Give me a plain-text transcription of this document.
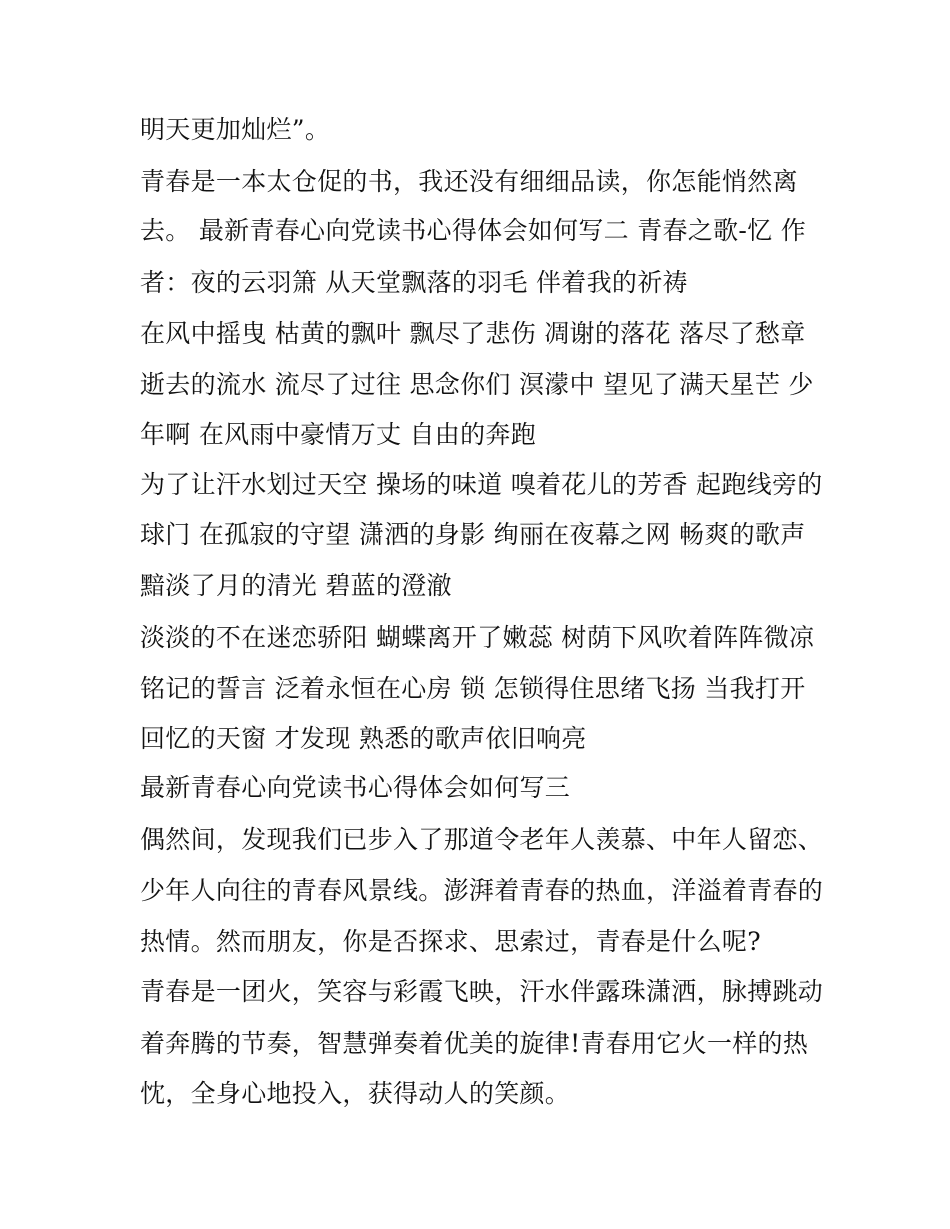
明天更加灿烂”。
青春是一本太仓促的书，我还没有细细品读，你怎能悄然离
去。 最新青春心向党读书心得体会如何写二 青春之歌-忆 作
者：夜的云羽箫 从天堂飘落的羽毛 伴着我的祈祷
在风中摇曳 枯黄的飘叶 飘尽了悲伤 凋谢的落花 落尽了愁章
逝去的流水 流尽了过往 思念你们 溟濛中 望见了满天星芒 少
年啊 在风雨中豪情万丈 自由的奔跑
为了让汗水划过天空 操场的味道 嗅着花儿的芳香 起跑线旁的
球门 在孤寂的守望 潇洒的身影 绚丽在夜幕之网 畅爽的歌声
黯淡了月的清光 碧蓝的澄澈
淡淡的不在迷恋骄阳 蝴蝶离开了嫩蕊 树荫下风吹着阵阵微凉
铭记的誓言 泛着永恒在心房 锁 怎锁得住思绪飞扬 当我打开
回忆的天窗 才发现 熟悉的歌声依旧响亮
最新青春心向党读书心得体会如何写三
偶然间，发现我们已步入了那道令老年人羡慕、中年人留恋、
少年人向往的青春风景线。澎湃着青春的热血，洋溢着青春的
热情。然而朋友，你是否探求、思索过，青春是什么呢?
青春是一团火，笑容与彩霞飞映，汗水伴露珠潇洒，脉搏跳动
着奔腾的节奏，智慧弹奏着优美的旋律!青春用它火一样的热
忱，全身心地投入，获得动人的笑颜。
